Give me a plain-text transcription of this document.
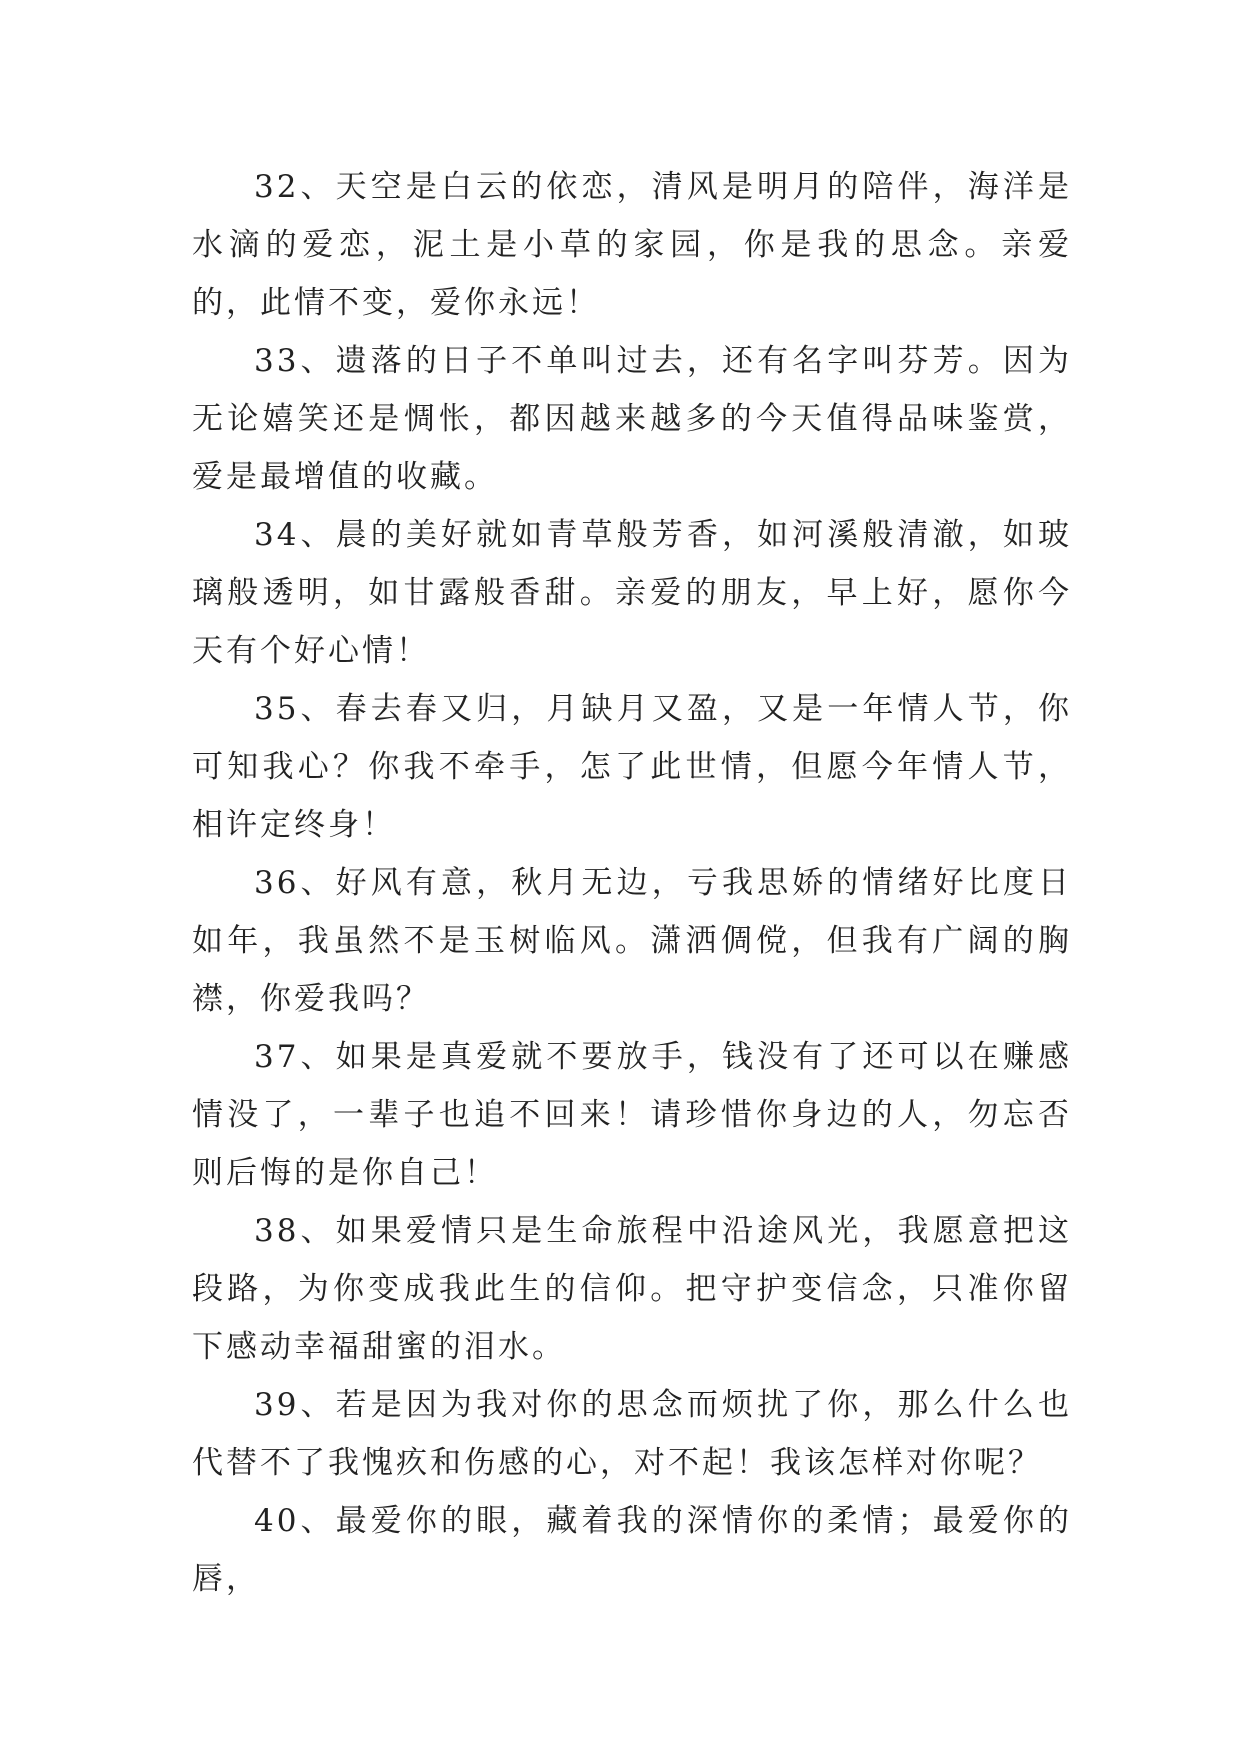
32、天空是白云的依恋，清风是明月的陪伴，海洋是水滴的爱恋，泥土是小草的家园，你是我的思念。亲爱的，此情不变，爱你永远！

33、遗落的日子不单叫过去，还有名字叫芬芳。因为无论嬉笑还是惆怅，都因越来越多的今天值得品味鉴赏，爱是最增值的收藏。

34、晨的美好就如青草般芳香，如河溪般清澈，如玻璃般透明，如甘露般香甜。亲爱的朋友，早上好，愿你今天有个好心情！

35、春去春又归，月缺月又盈，又是一年情人节，你可知我心？你我不牵手，怎了此世情，但愿今年情人节，相许定终身！

36、好风有意，秋月无边，亏我思娇的情绪好比度日如年，我虽然不是玉树临风。潇洒倜傥，但我有广阔的胸襟，你爱我吗？

37、如果是真爱就不要放手，钱没有了还可以在赚感情没了，一辈子也追不回来！请珍惜你身边的人，勿忘否则后悔的是你自己！

38、如果爱情只是生命旅程中沿途风光，我愿意把这段路，为你变成我此生的信仰。把守护变信念，只准你留下感动幸福甜蜜的泪水。

39、若是因为我对你的思念而烦扰了你，那么什么也代替不了我愧疚和伤感的心，对不起！我该怎样对你呢？

40、最爱你的眼，藏着我的深情你的柔情；最爱你的唇，
